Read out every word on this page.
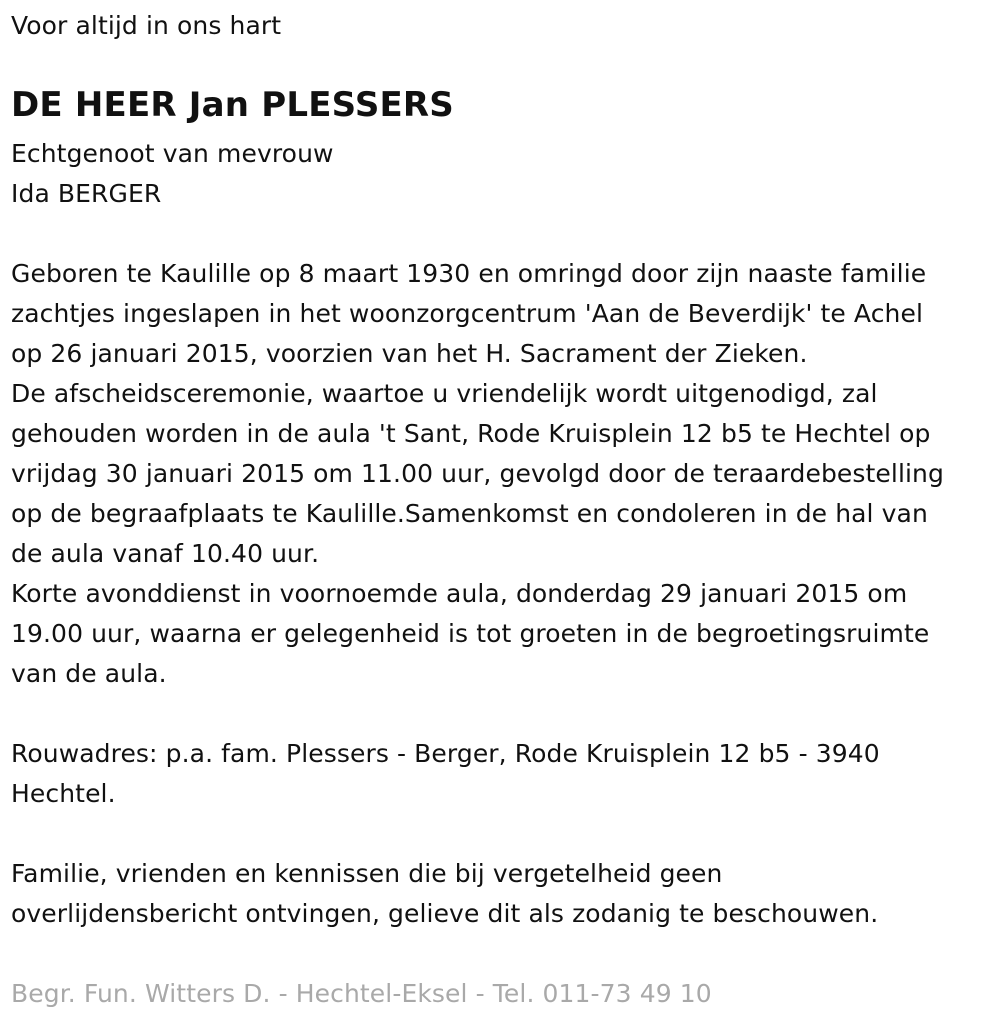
Voor altijd in ons hart
DE HEER Jan PLESSERS
Echtgenoot van mevrouw
Ida BERGER
Geboren te Kaulille op 8 maart 1930 en omringd door zijn naaste familie
zachtjes ingeslapen in het woonzorgcentrum 'Aan de Beverdijk' te Achel
op 26 januari 2015, voorzien van het H. Sacrament der Zieken.
De afscheidsceremonie, waartoe u vriendelijk wordt uitgenodigd, zal
gehouden worden in de aula 't Sant, Rode Kruisplein 12 b5 te Hechtel op
vrijdag 30 januari 2015 om 11.00 uur, gevolgd door de teraardebestelling
op de begraafplaats te Kaulille.Samenkomst en condoleren in de hal van
de aula vanaf 10.40 uur.
Korte avonddienst in voornoemde aula, donderdag 29 januari 2015 om
19.00 uur, waarna er gelegenheid is tot groeten in de begroetingsruimte
van de aula.
Rouwadres: p.a. fam. Plessers - Berger, Rode Kruisplein 12 b5 - 3940
Hechtel.
Familie, vrienden en kennissen die bij vergetelheid geen
overlijdensbericht ontvingen, gelieve dit als zodanig te beschouwen.
Begr. Fun. Witters D. - Hechtel-Eksel - Tel. 011-73 49 10
